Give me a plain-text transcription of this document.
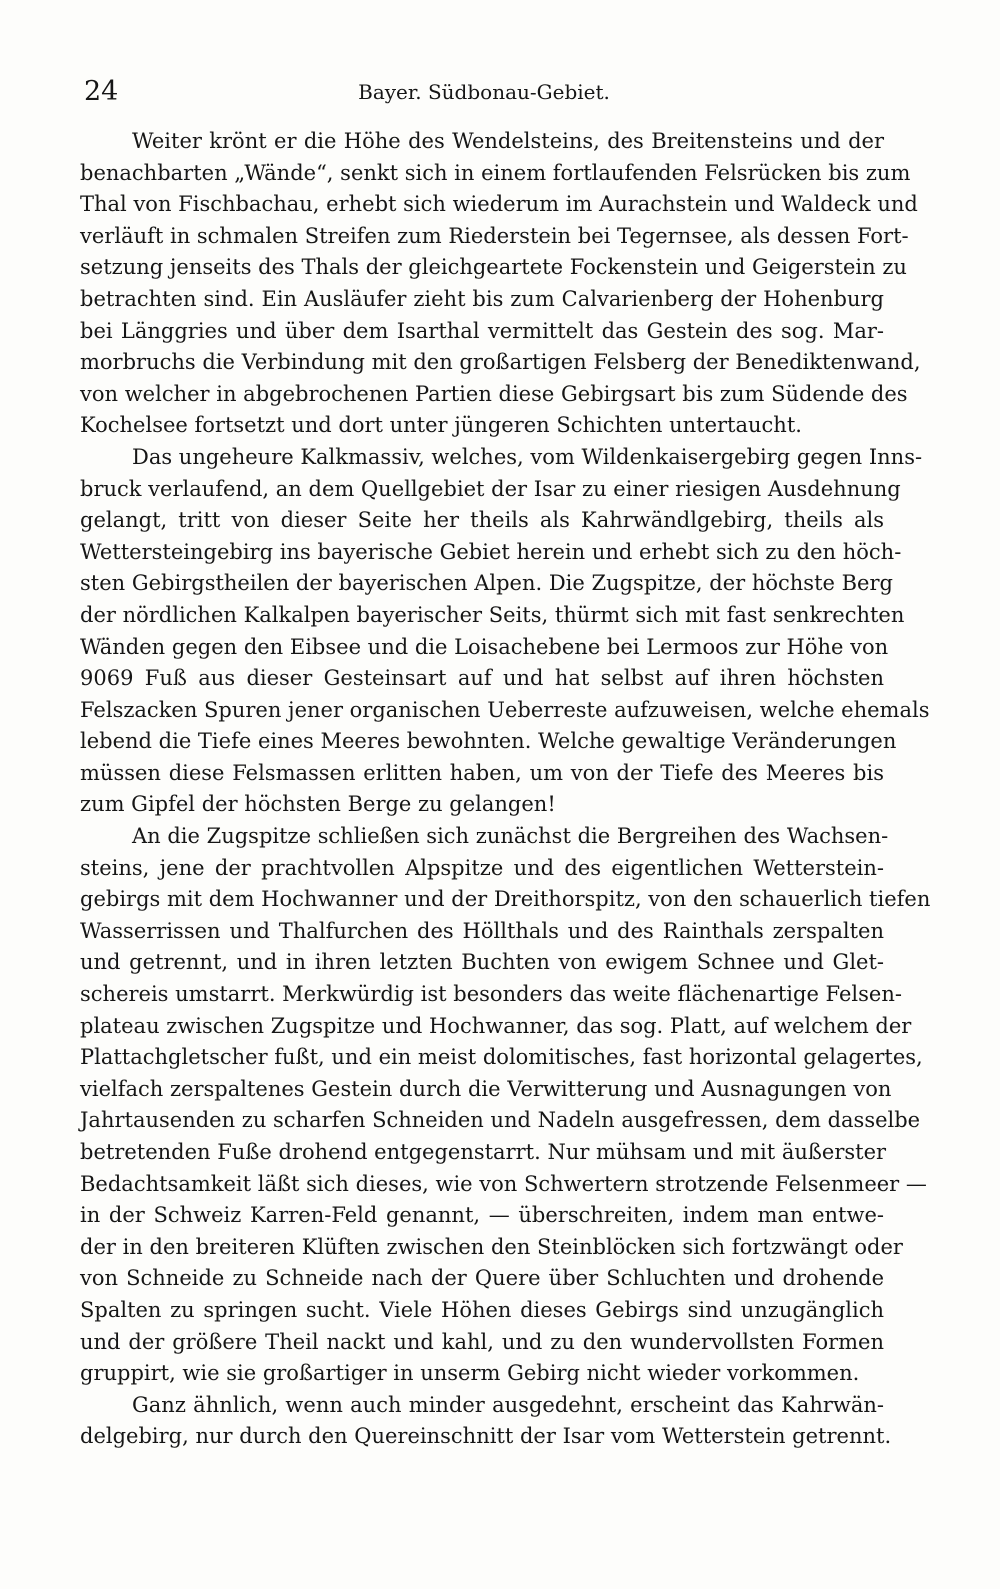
24	Bayer. Südbonau-Gebiet.

Weiter krönt er die Höhe des Wendelsteins, des Breitensteins und der
benachbarten „Wände“, senkt sich in einem fortlaufenden Felsrücken bis zum
Thal von Fischbachau, erhebt sich wiederum im Aurachstein und Waldeck und
verläuft in schmalen Streifen zum Riederstein bei Tegernsee, als dessen Fort-
setzung jenseits des Thals der gleichgeartete Fockenstein und Geigerstein zu
betrachten sind. Ein Ausläufer zieht bis zum Calvarienberg der Hohenburg
bei Länggries und über dem Isarthal vermittelt das Gestein des sog. Mar-
morbruchs die Verbindung mit den großartigen Felsberg der Benediktenwand,
von welcher in abgebrochenen Partien diese Gebirgsart bis zum Südende des
Kochelsee fortsetzt und dort unter jüngeren Schichten untertaucht.

Das ungeheure Kalkmassiv, welches, vom Wildenkaisergebirg gegen Inns-
bruck verlaufend, an dem Quellgebiet der Isar zu einer riesigen Ausdehnung
gelangt, tritt von dieser Seite her theils als Kahrwändlgebirg, theils als
Wettersteingebirg ins bayerische Gebiet herein und erhebt sich zu den höch-
sten Gebirgstheilen der bayerischen Alpen. Die Zugspitze, der höchste Berg
der nördlichen Kalkalpen bayerischer Seits, thürmt sich mit fast senkrechten
Wänden gegen den Eibsee und die Loisachebene bei Lermoos zur Höhe von
9069 Fuß aus dieser Gesteinsart auf und hat selbst auf ihren höchsten
Felszacken Spuren jener organischen Ueberreste aufzuweisen, welche ehemals
lebend die Tiefe eines Meeres bewohnten. Welche gewaltige Veränderungen
müssen diese Felsmassen erlitten haben, um von der Tiefe des Meeres bis
zum Gipfel der höchsten Berge zu gelangen!

An die Zugspitze schließen sich zunächst die Bergreihen des Wachsen-
steins, jene der prachtvollen Alpspitze und des eigentlichen Wetterstein-
gebirgs mit dem Hochwanner und der Dreithorspitz, von den schauerlich tiefen
Wasserrissen und Thalfurchen des Höllthals und des Rainthals zerspalten
und getrennt, und in ihren letzten Buchten von ewigem Schnee und Glet-
schereis umstarrt. Merkwürdig ist besonders das weite flächenartige Felsen-
plateau zwischen Zugspitze und Hochwanner, das sog. Platt, auf welchem der
Plattachgletscher fußt, und ein meist dolomitisches, fast horizontal gelagertes,
vielfach zerspaltenes Gestein durch die Verwitterung und Ausnagungen von
Jahrtausenden zu scharfen Schneiden und Nadeln ausgefressen, dem dasselbe
betretenden Fuße drohend entgegenstarrt. Nur mühsam und mit äußerster
Bedachtsamkeit läßt sich dieses, wie von Schwertern strotzende Felsenmeer —
in der Schweiz Karren-Feld genannt, — überschreiten, indem man entwe-
der in den breiteren Klüften zwischen den Steinblöcken sich fortzwängt oder
von Schneide zu Schneide nach der Quere über Schluchten und drohende
Spalten zu springen sucht. Viele Höhen dieses Gebirgs sind unzugänglich
und der größere Theil nackt und kahl, und zu den wundervollsten Formen
gruppirt, wie sie großartiger in unserm Gebirg nicht wieder vorkommen.

Ganz ähnlich, wenn auch minder ausgedehnt, erscheint das Kahrwän-
delgebirg, nur durch den Quereinschnitt der Isar vom Wetterstein getrennt.
